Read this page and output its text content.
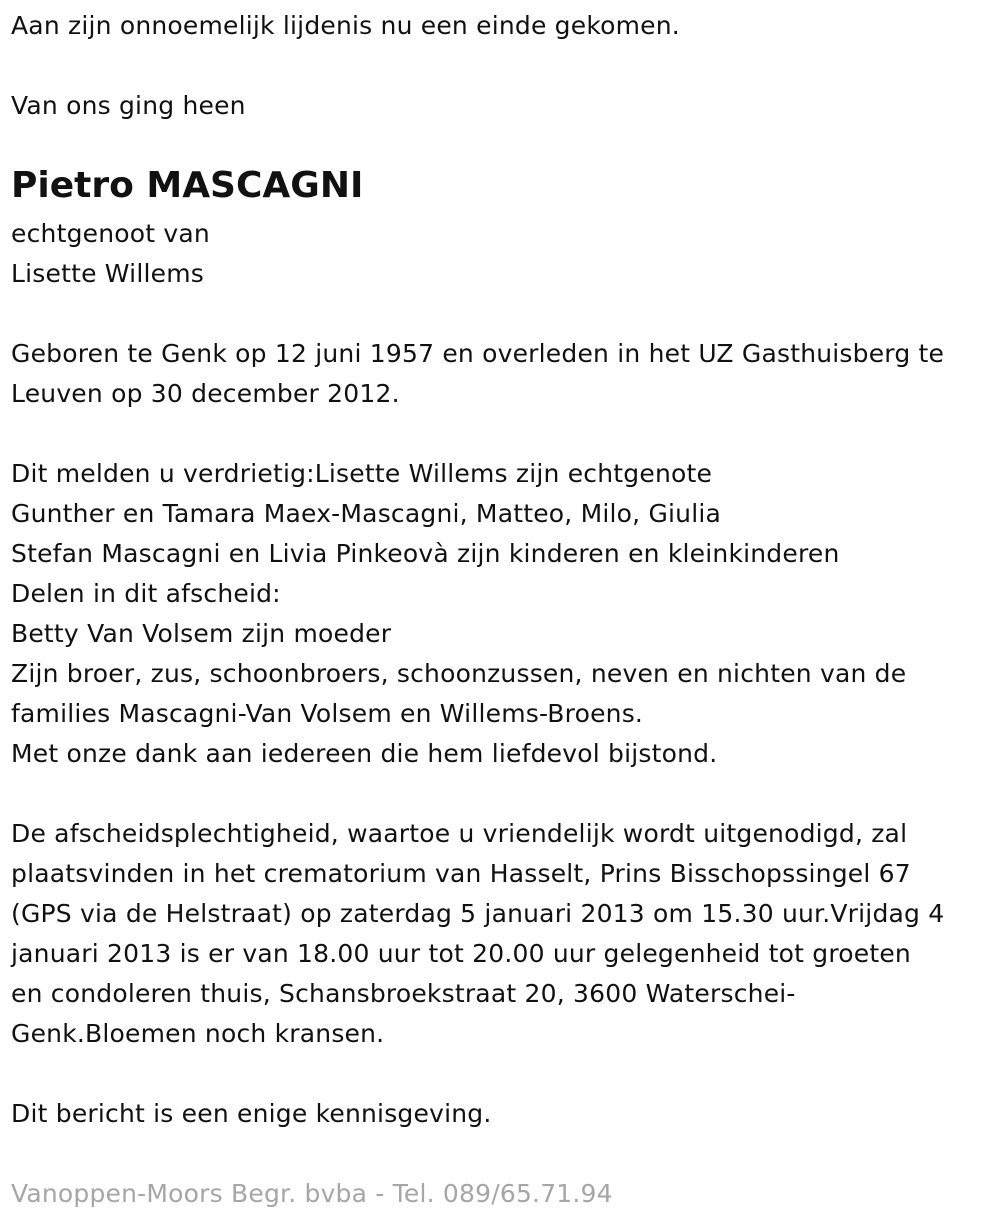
Aan zijn onnoemelijk lijdenis nu een einde gekomen.
Van ons ging heen
Pietro MASCAGNI
echtgenoot van
Lisette Willems
Geboren te Genk op 12 juni 1957 en overleden in het UZ Gasthuisberg te
Leuven op 30 december 2012.
Dit melden u verdrietig:Lisette Willems zijn echtgenote
Gunther en Tamara Maex-Mascagni, Matteo, Milo, Giulia
Stefan Mascagni en Livia Pinkeovà zijn kinderen en kleinkinderen
Delen in dit afscheid:
Betty Van Volsem zijn moeder
Zijn broer, zus, schoonbroers, schoonzussen, neven en nichten van de
families Mascagni-Van Volsem en Willems-Broens.
Met onze dank aan iedereen die hem liefdevol bijstond.
De afscheidsplechtigheid, waartoe u vriendelijk wordt uitgenodigd, zal
plaatsvinden in het crematorium van Hasselt, Prins Bisschopssingel 67
(GPS via de Helstraat) op zaterdag 5 januari 2013 om 15.30 uur.Vrijdag 4
januari 2013 is er van 18.00 uur tot 20.00 uur gelegenheid tot groeten
en condoleren thuis, Schansbroekstraat 20, 3600 Waterschei-
Genk.Bloemen noch kransen.
Dit bericht is een enige kennisgeving.
Vanoppen-Moors Begr. bvba - Tel. 089/65.71.94
